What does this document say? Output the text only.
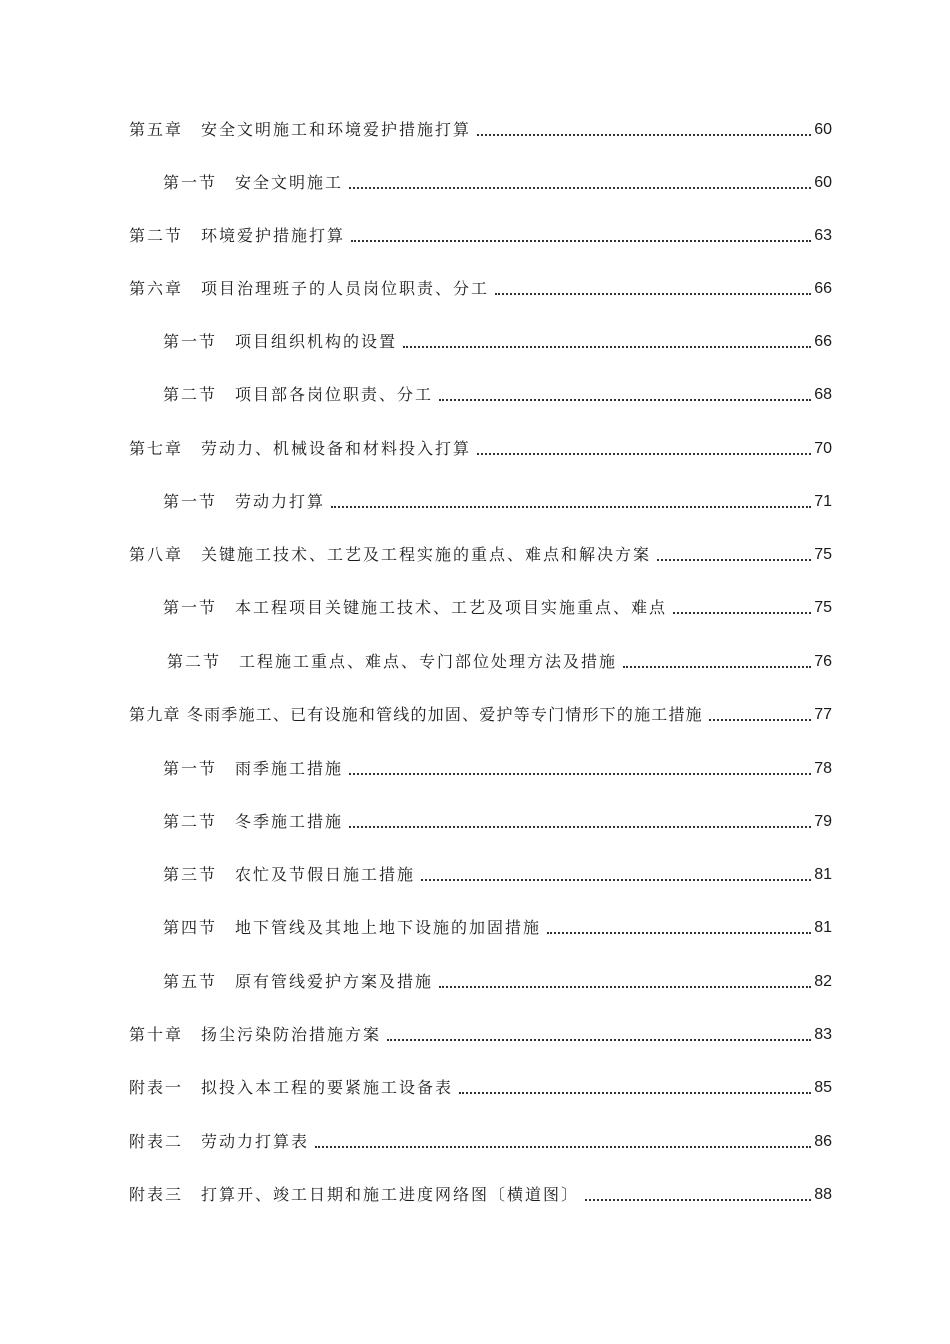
第五章　安全文明施工和环境爱护措施打算	60
第一节　安全文明施工	60
第二节　环境爱护措施打算	63
第六章　项目治理班子的人员岗位职责、分工	66
第一节　项目组织机构的设置	66
第二节　项目部各岗位职责、分工	68
第七章　劳动力、机械设备和材料投入打算	70
第一节　劳动力打算	71
第八章　关键施工技术、工艺及工程实施的重点、难点和解决方案	75
第一节　本工程项目关键施工技术、工艺及项目实施重点、难点	75
第二节　工程施工重点、难点、专门部位处理方法及措施	76
第九章 冬雨季施工、已有设施和管线的加固、爱护等专门情形下的施工措施	77
第一节　雨季施工措施	78
第二节　冬季施工措施	79
第三节　农忙及节假日施工措施	81
第四节　地下管线及其地上地下设施的加固措施	81
第五节　原有管线爱护方案及措施	82
第十章　扬尘污染防治措施方案	83
附表一　拟投入本工程的要紧施工设备表	85
附表二　劳动力打算表	86
附表三　打算开、竣工日期和施工进度网络图〔横道图〕	88
